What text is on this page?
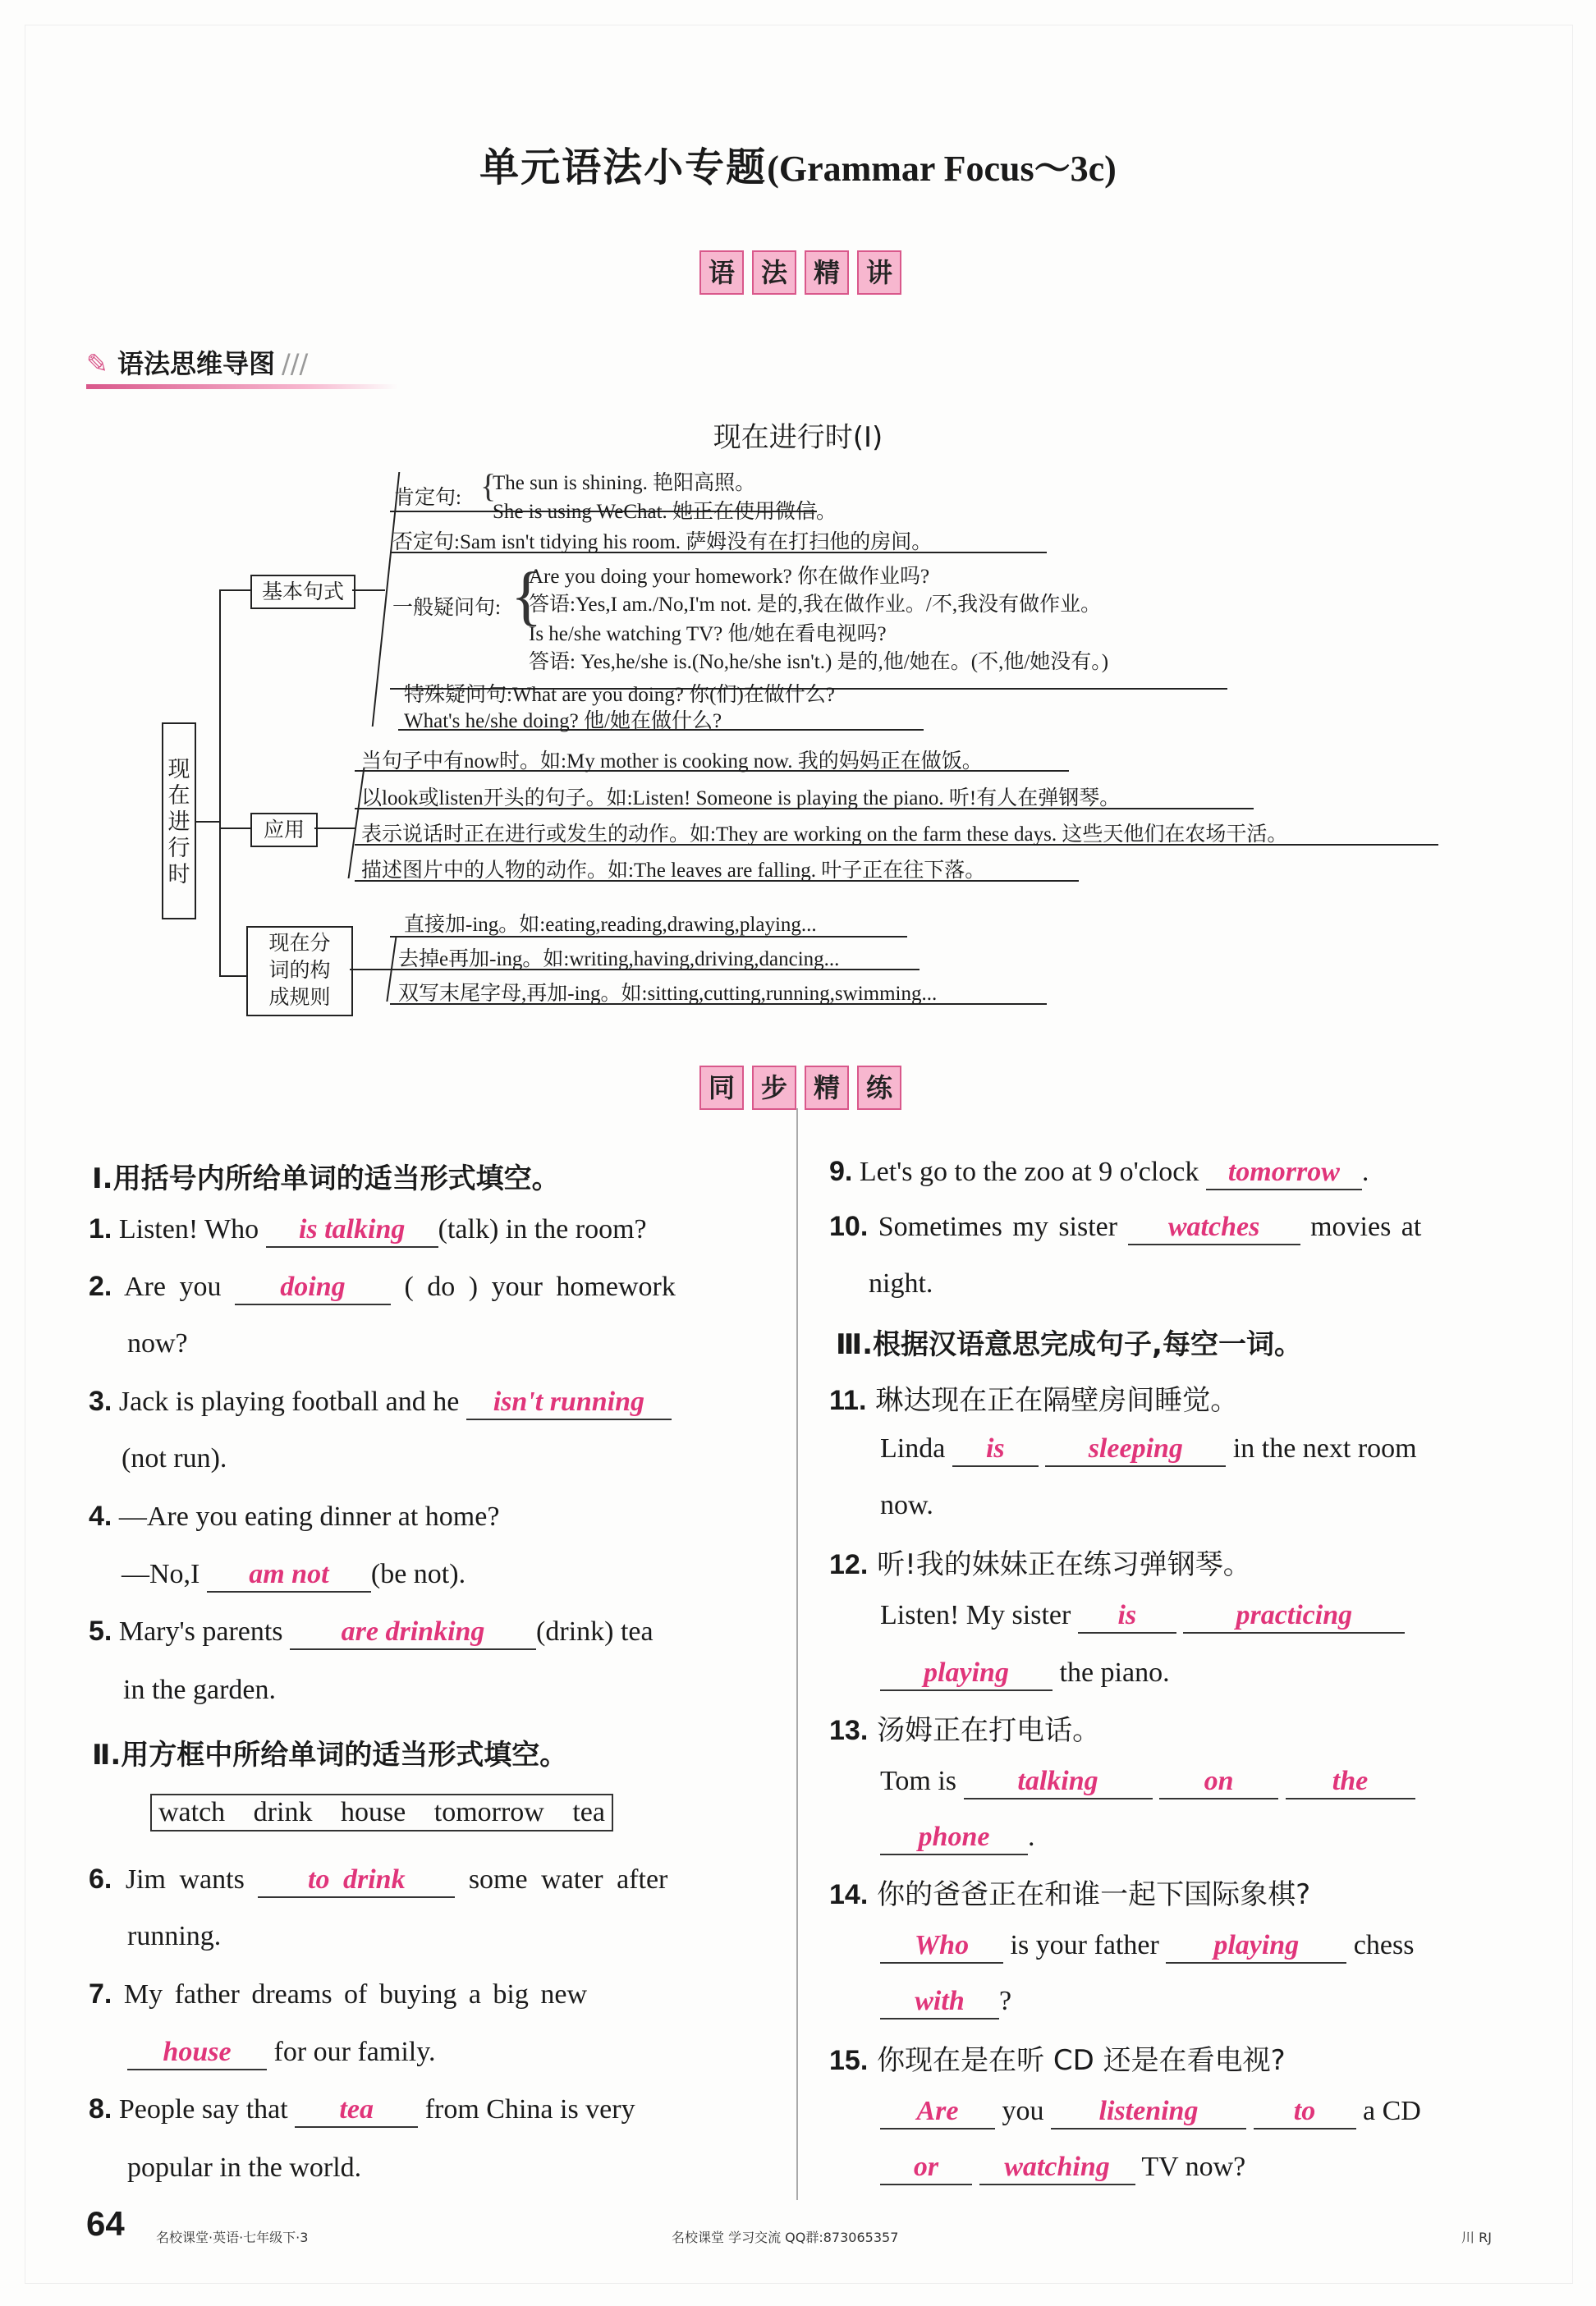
单元语法小专题(Grammar Focus～3c)
语 法 精 讲
✎ 语法思维导图 ///
现在进行时(Ⅰ)
现
在
进
行
时
基本句式
应用
现在分
词的构
成规则
肯定句: {
The sun is shining. 艳阳高照。
She is using WeChat. 她正在使用微信。
否定句:Sam isn't tidying his room. 萨姆没有在打扫他的房间。
一般疑问句: {
Are you doing your homework? 你在做作业吗?
答语:Yes,I am./No,I'm not. 是的,我在做作业。/不,我没有做作业。
Is he/she watching TV? 他/她在看电视吗?
答语: Yes,he/she is.(No,he/she isn't.) 是的,他/她在。(不,他/她没有。)
特殊疑问句:What are you doing? 你(们)在做什么?
What's he/she doing? 他/她在做什么?
当句子中有now时。如:My mother is cooking now. 我的妈妈正在做饭。
以look或listen开头的句子。如:Listen! Someone is playing the piano. 听!有人在弹钢琴。
表示说话时正在进行或发生的动作。如:They are working on the farm these days. 这些天他们在农场干活。
描述图片中的人物的动作。如:The leaves are falling. 叶子正在往下落。
直接加-ing。如:eating,reading,drawing,playing...
去掉e再加-ing。如:writing,having,driving,dancing...
双写末尾字母,再加-ing。如:sitting,cutting,running,swimming...
同 步 精 练
Ⅰ.用括号内所给单词的适当形式填空。
1. Listen! Who is talking (talk) in the room?
2. Are you doing ( do ) your homework
now?
3. Jack is playing football and he isn't running
(not run).
4. —Are you eating dinner at home?
—No,I am not (be not).
5. Mary's parents are drinking (drink) tea
in the garden.
Ⅱ.用方框中所给单词的适当形式填空。
watch drink house tomorrow tea
6. Jim wants to drink some water after
running.
7. My father dreams of buying a big new
house for our family.
8. People say that tea from China is very
popular in the world.
9. Let's go to the zoo at 9 o'clock tomorrow .
10. Sometimes my sister watches movies at
night.
Ⅲ.根据汉语意思完成句子,每空一词。
11. 琳达现在正在隔壁房间睡觉。
Linda is	sleeping in the next room
now.
12. 听!我的妹妹正在练习弹钢琴。
Listen! My sister is	practicing
playing the piano.
13. 汤姆正在打电话。
Tom is talking	on	the
phone .
14. 你的爸爸正在和谁一起下国际象棋?
Who is your father playing chess
with ?
15. 你现在是在听 CD 还是在看电视?
Are you listening	to a CD
or watching TV now?
64 名校课堂·英语·七年级下·3	名校课堂 学习交流 QQ群:873065357	川 RJ
